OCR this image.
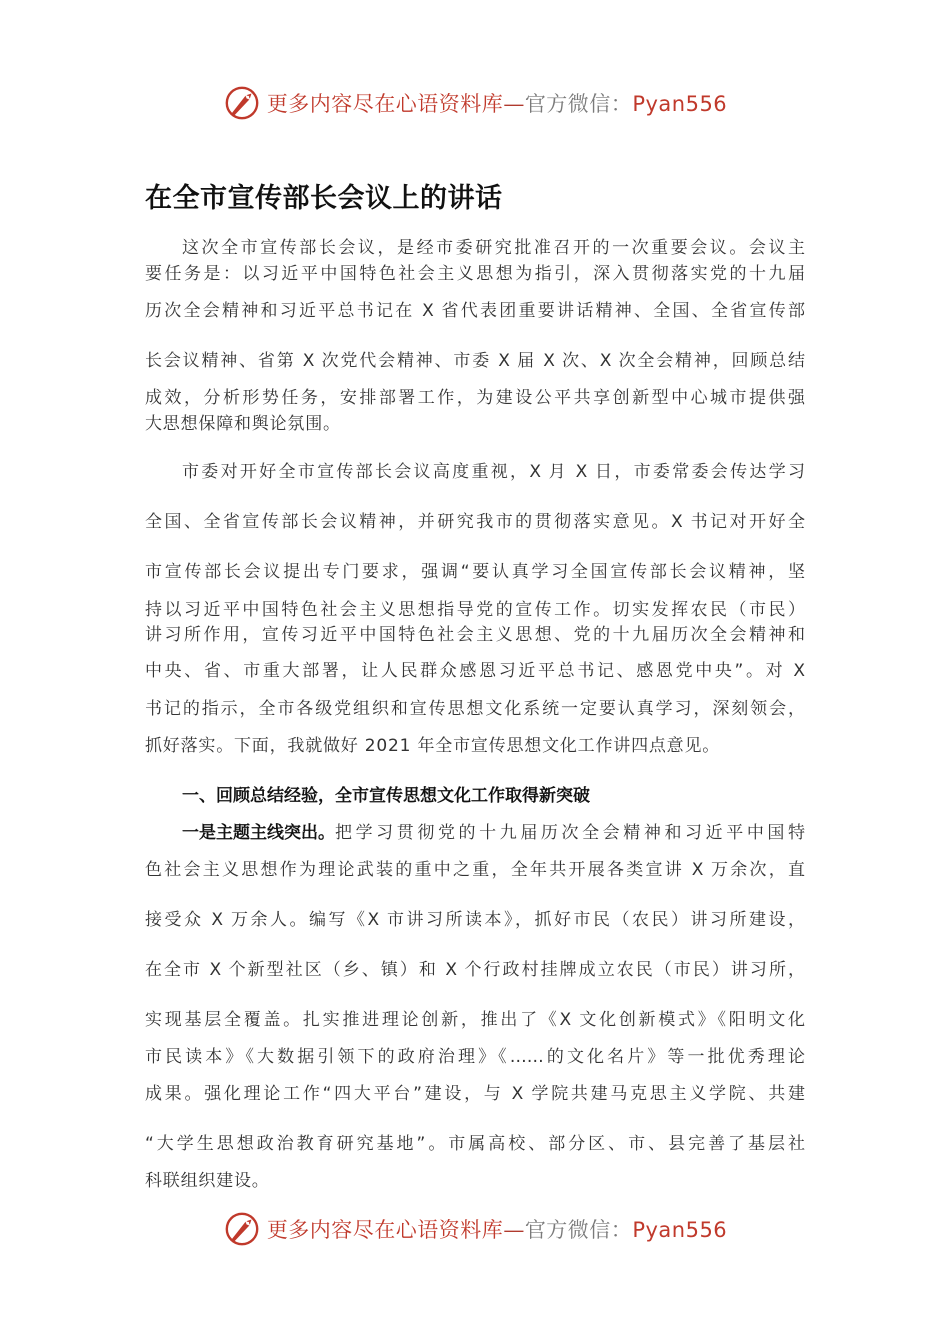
更多内容尽在心语资料库—官方微信：Pyan556
在全市宣传部长会议上的讲话
这次全市宣传部长会议，是经市委研究批准召开的一次重要会议。会议主
要任务是：以习近平中国特色社会主义思想为指引，深入贯彻落实党的十九届
历次全会精神和习近平总书记在 X 省代表团重要讲话精神、全国、全省宣传部
长会议精神、省第 X 次党代会精神、市委 X 届 X 次、X 次全会精神，回顾总结
成效，分析形势任务，安排部署工作，为建设公平共享创新型中心城市提供强
大思想保障和舆论氛围。
市委对开好全市宣传部长会议高度重视，X 月 X 日，市委常委会传达学习
全国、全省宣传部长会议精神，并研究我市的贯彻落实意见。X 书记对开好全
市宣传部长会议提出专门要求，强调“要认真学习全国宣传部长会议精神，坚
持以习近平中国特色社会主义思想指导党的宣传工作。切实发挥农民（市民）
讲习所作用，宣传习近平中国特色社会主义思想、党的十九届历次全会精神和
中央、省、市重大部署，让人民群众感恩习近平总书记、感恩党中央”。对 X
书记的指示，全市各级党组织和宣传思想文化系统一定要认真学习，深刻领会，
抓好落实。下面，我就做好 2021 年全市宣传思想文化工作讲四点意见。
一、回顾总结经验，全市宣传思想文化工作取得新突破
一是主题主线突出。 把学习贯彻党的十九届历次全会精神和习近平中国特
色社会主义思想作为理论武装的重中之重，全年共开展各类宣讲 X 万余次，直
接受众 X 万余人。编写《X 市讲习所读本》，抓好市民（农民）讲习所建设，
在全市 X 个新型社区（乡、镇）和 X 个行政村挂牌成立农民（市民）讲习所，
实现基层全覆盖。扎实推进理论创新，推出了《X 文化创新模式》《阳明文化
市民读本》《大数据引领下的政府治理》《……的文化名片》等一批优秀理论
成果。强化理论工作“四大平台”建设，与 X 学院共建马克思主义学院、共建
“大学生思想政治教育研究基地”。市属高校、部分区、市、县完善了基层社
科联组织建设。
更多内容尽在心语资料库—官方微信：Pyan556
